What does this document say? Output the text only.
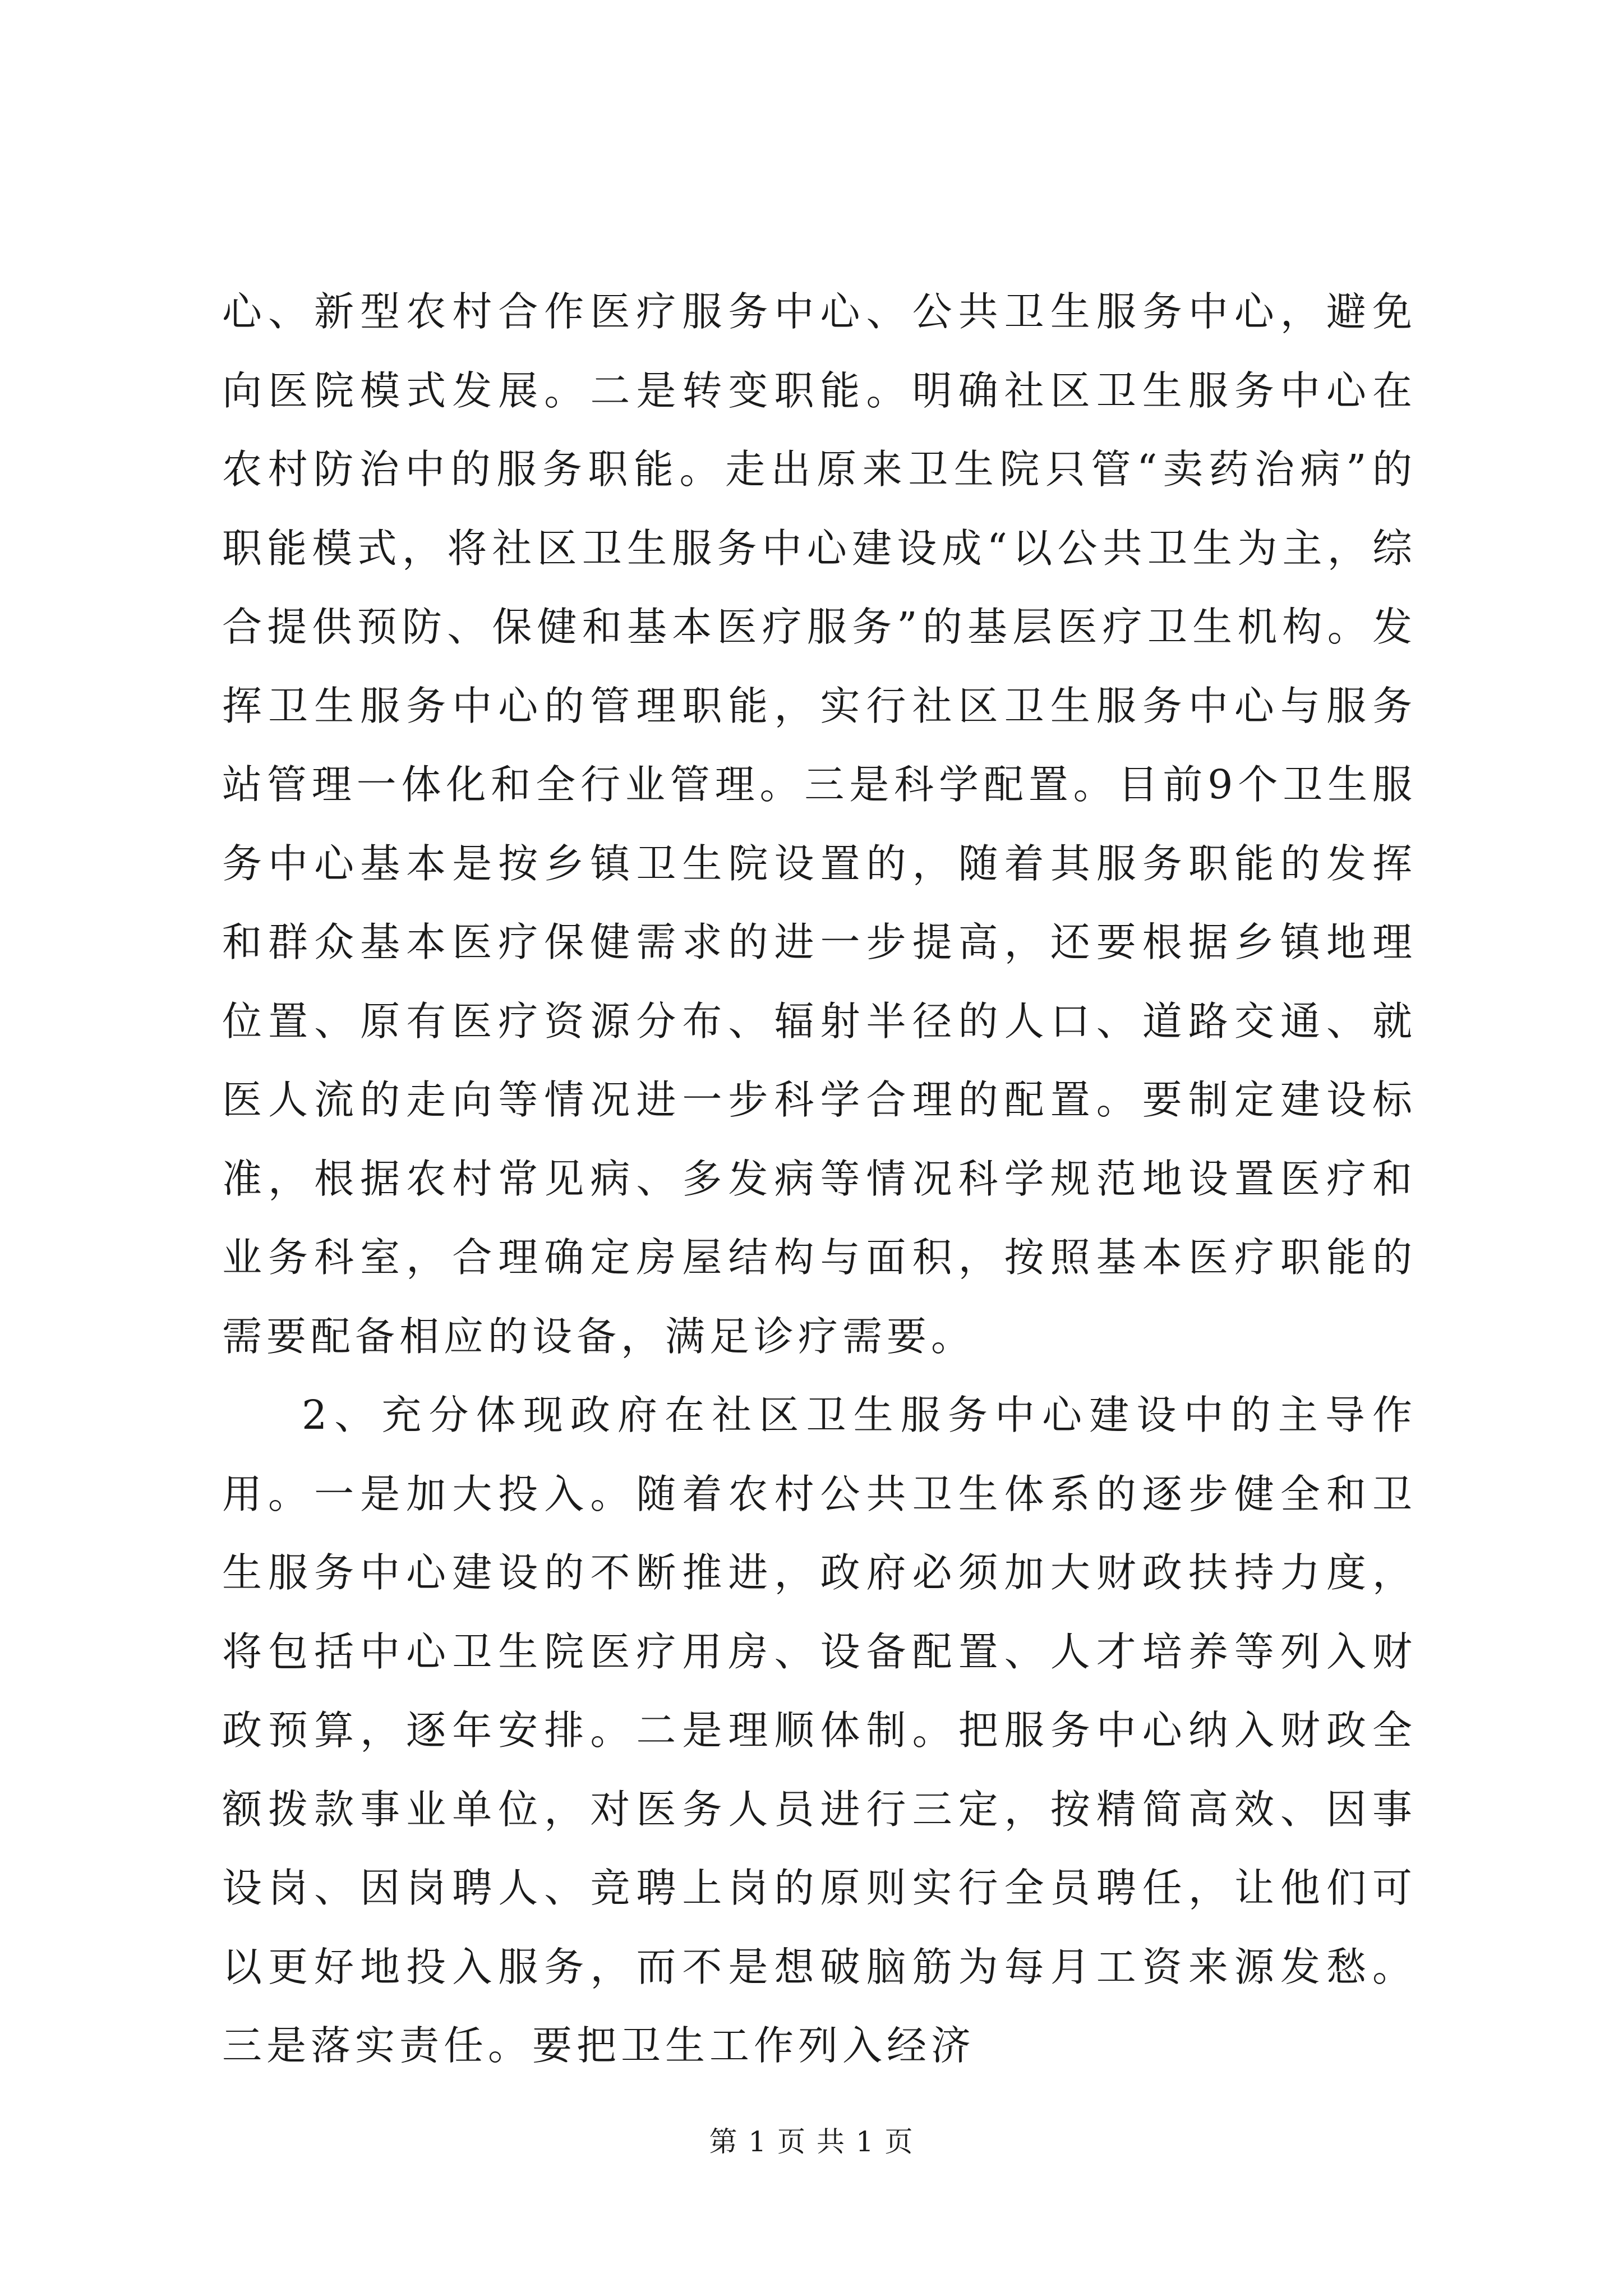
心、新型农村合作医疗服务中心、公共卫生服务中心，避免向医院模式发展。二是转变职能。明确社区卫生服务中心在农村防治中的服务职能。走出原来卫生院只管“卖药治病”的职能模式，将社区卫生服务中心建设成“以公共卫生为主，综合提供预防、保健和基本医疗服务”的基层医疗卫生机构。发挥卫生服务中心的管理职能，实行社区卫生服务中心与服务站管理一体化和全行业管理。三是科学配置。目前9个卫生服务中心基本是按乡镇卫生院设置的，随着其服务职能的发挥和群众基本医疗保健需求的进一步提高，还要根据乡镇地理位置、原有医疗资源分布、辐射半径的人口、道路交通、就医人流的走向等情况进一步科学合理的配置。要制定建设标准，根据农村常见病、多发病等情况科学规范地设置医疗和业务科室，合理确定房屋结构与面积，按照基本医疗职能的需要配备相应的设备，满足诊疗需要。

2、充分体现政府在社区卫生服务中心建设中的主导作用。一是加大投入。随着农村公共卫生体系的逐步健全和卫生服务中心建设的不断推进，政府必须加大财政扶持力度，将包括中心卫生院医疗用房、设备配置、人才培养等列入财政预算，逐年安排。二是理顺体制。把服务中心纳入财政全额拨款事业单位，对医务人员进行三定，按精简高效、因事设岗、因岗聘人、竞聘上岗的原则实行全员聘任，让他们可以更好地投入服务，而不是想破脑筋为每月工资来源发愁。三是落实责任。要把卫生工作列入经济

第 1 页 共 1 页
